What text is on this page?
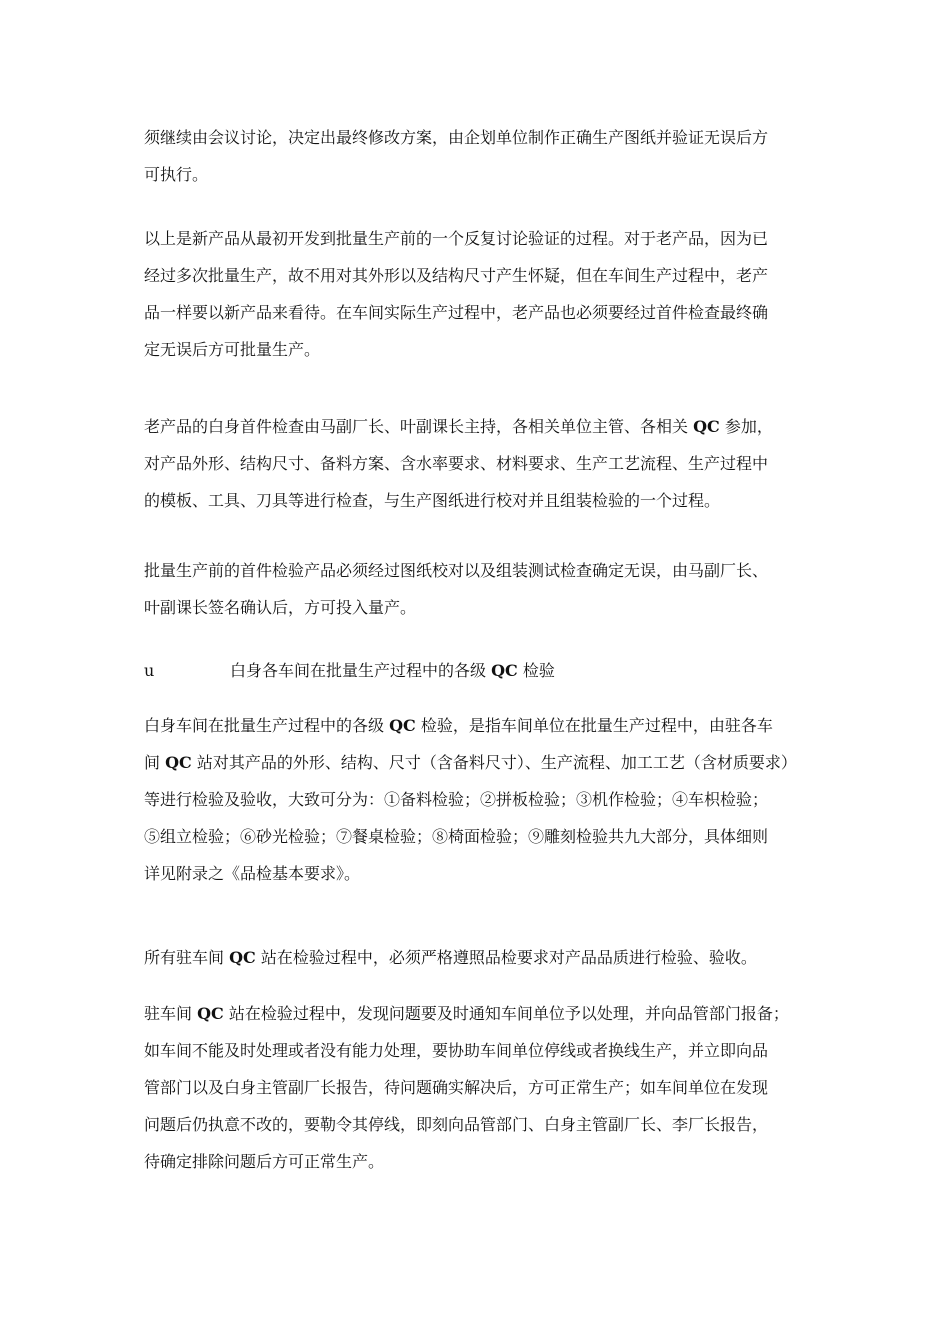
须继续由会议讨论，决定出最终修改方案，由企划单位制作正确生产图纸并验证无误后方
可执行。
以上是新产品从最初开发到批量生产前的一个反复讨论验证的过程。对于老产品，因为已
经过多次批量生产，故不用对其外形以及结构尺寸产生怀疑，但在车间生产过程中，老产
品一样要以新产品来看待。在车间实际生产过程中，老产品也必须要经过首件检查最终确
定无误后方可批量生产。
老产品的白身首件检查由马副厂长、叶副课长主持，各相关单位主管、各相关 QC 参加，
对产品外形、结构尺寸、备料方案、含水率要求、材料要求、生产工艺流程、生产过程中
的模板、工具、刀具等进行检查，与生产图纸进行校对并且组装检验的一个过程。
批量生产前的首件检验产品必须经过图纸校对以及组装测试检查确定无误，由马副厂长、
叶副课长签名确认后，方可投入量产。
u	白身各车间在批量生产过程中的各级 QC 检验
白身车间在批量生产过程中的各级 QC 检验，是指车间单位在批量生产过程中，由驻各车
间 QC 站对其产品的外形、结构、尺寸（含备料尺寸）、生产流程、加工工艺（含材质要求）
等进行检验及验收，大致可分为：①备料检验；②拼板检验；③机作检验；④车枳检验；
⑤组立检验；⑥砂光检验；⑦餐桌检验；⑧椅面检验；⑨雕刻检验共九大部分，具体细则
详见附录之《品检基本要求》。
所有驻车间 QC 站在检验过程中，必须严格遵照品检要求对产品品质进行检验、验收。
驻车间 QC 站在检验过程中，发现问题要及时通知车间单位予以处理，并向品管部门报备；
如车间不能及时处理或者没有能力处理，要协助车间单位停线或者换线生产，并立即向品
管部门以及白身主管副厂长报告，待问题确实解决后，方可正常生产；如车间单位在发现
问题后仍执意不改的，要勒令其停线，即刻向品管部门、白身主管副厂长、李厂长报告，
待确定排除问题后方可正常生产。
